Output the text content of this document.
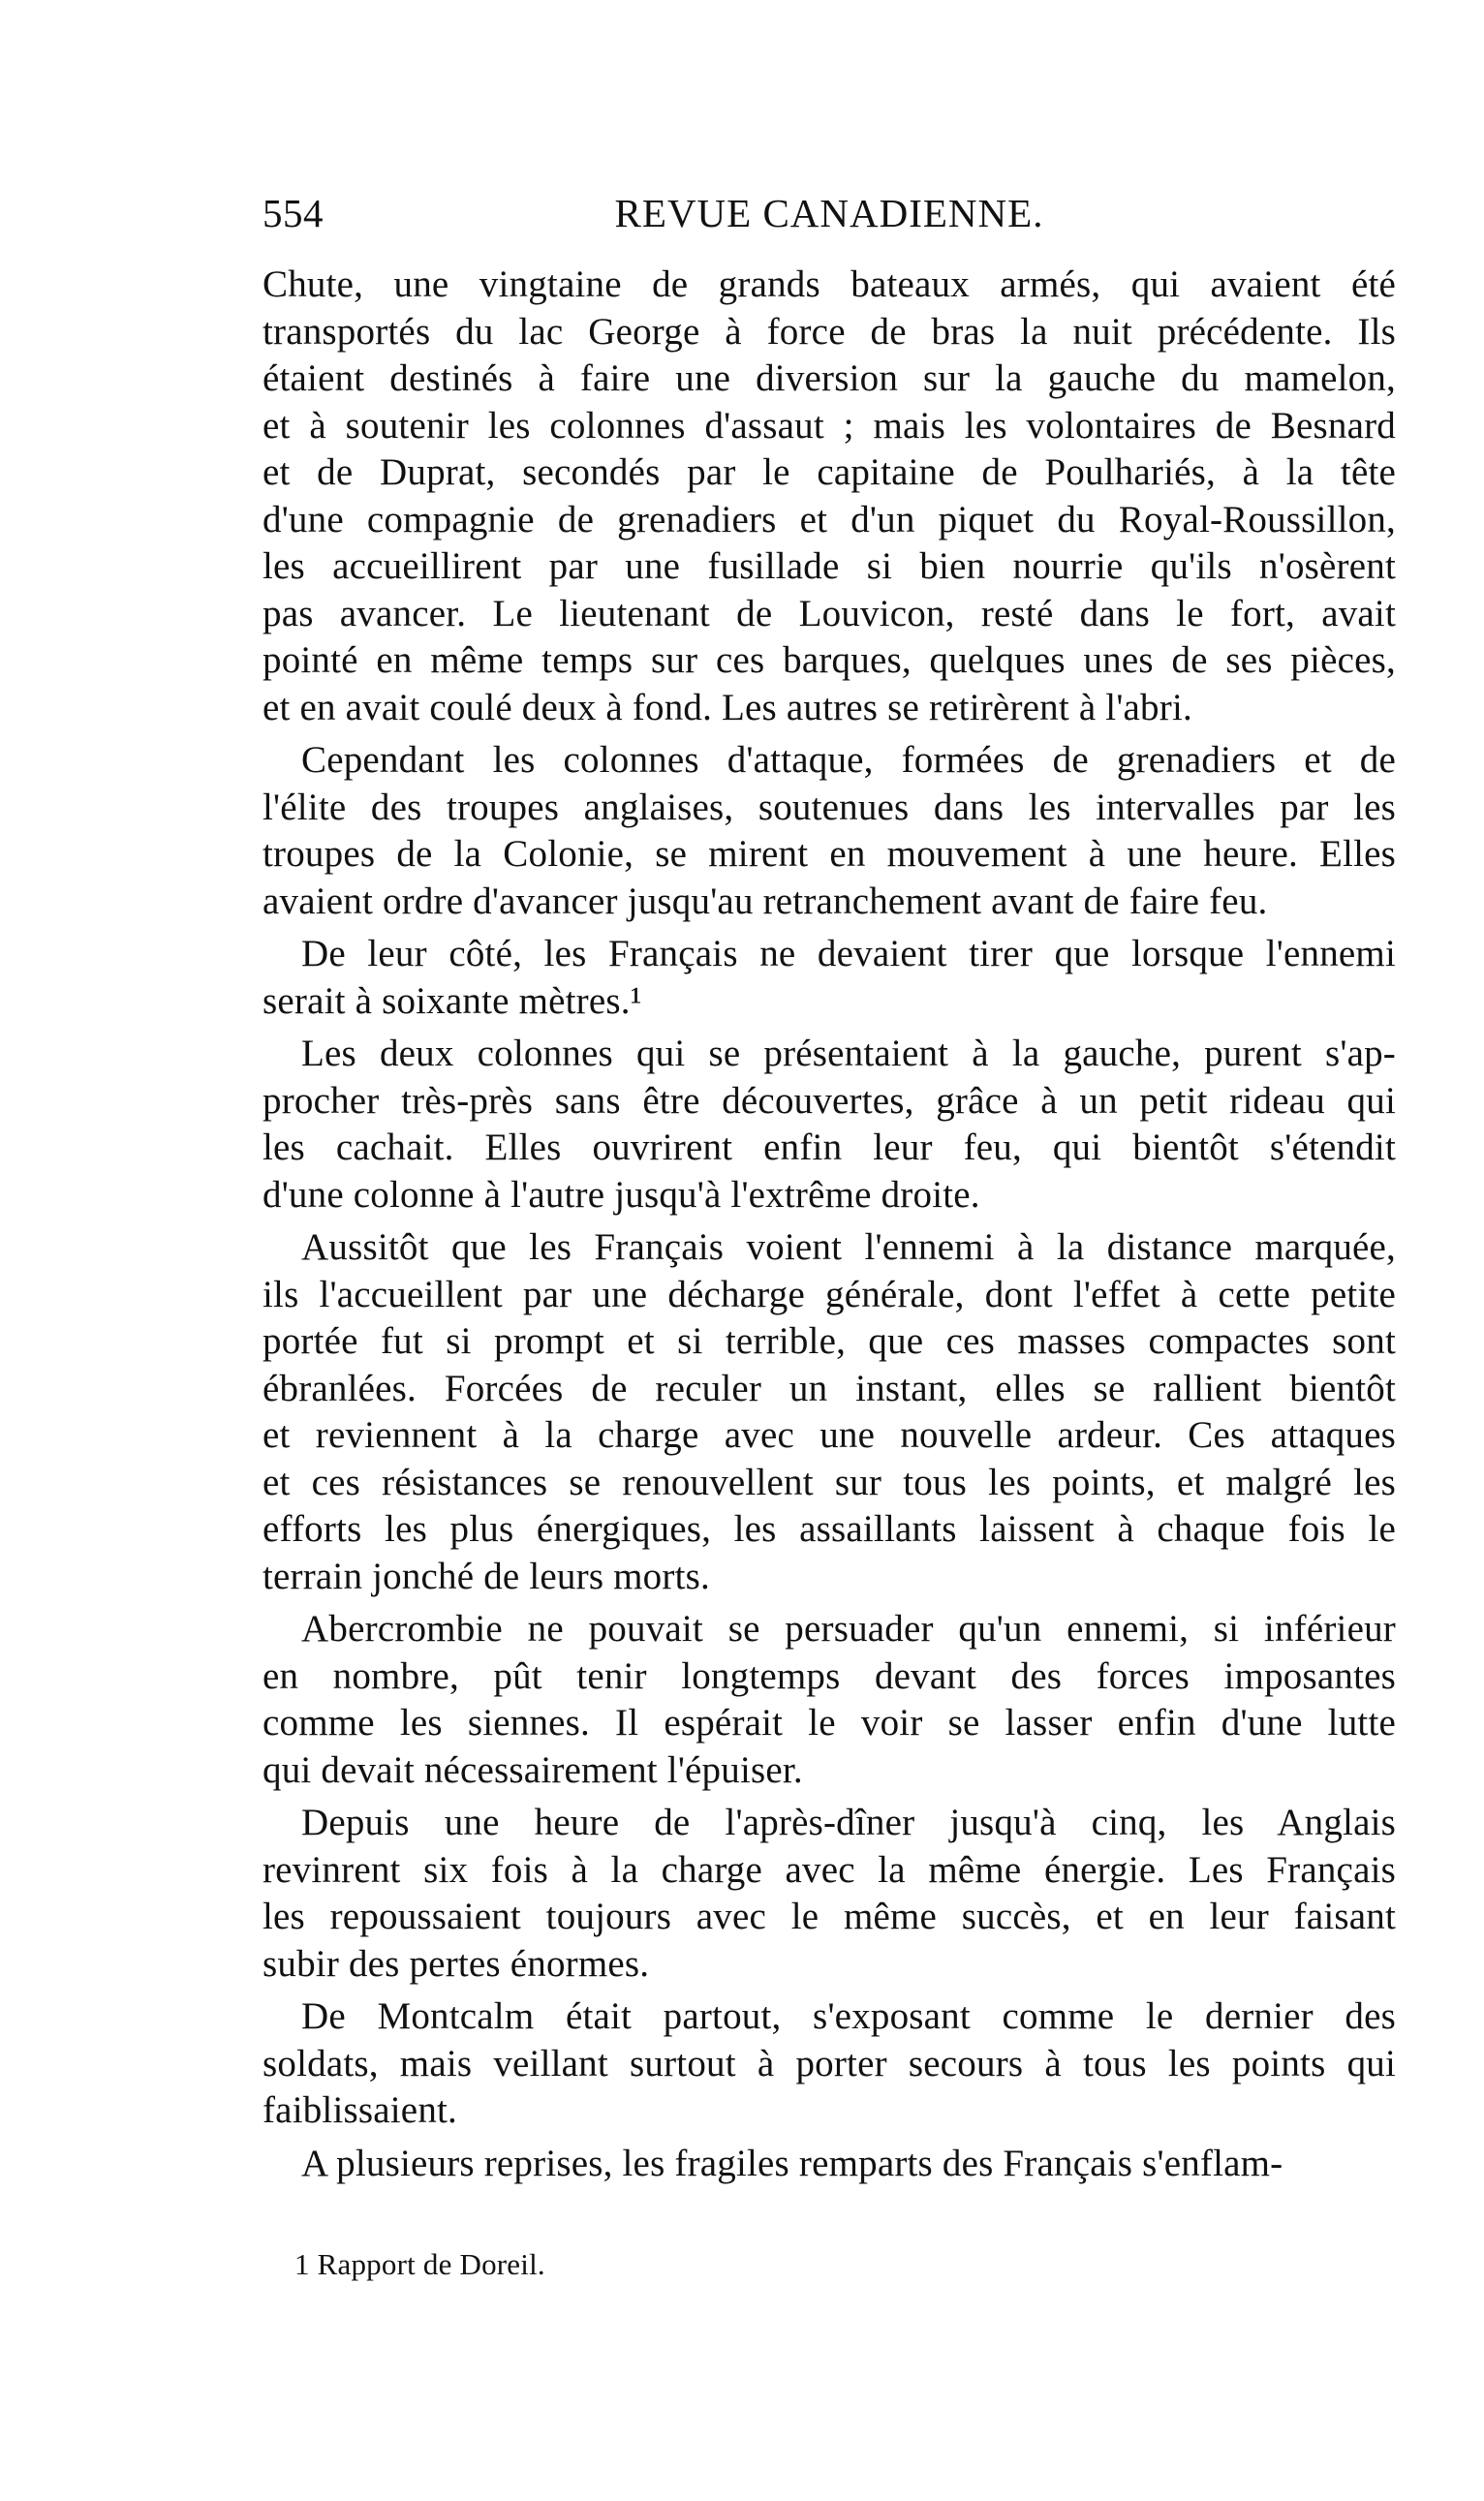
554	REVUE CANADIENNE.
Chute, une vingtaine de grands bateaux armés, qui avaient été
transportés du lac George à force de bras la nuit précédente. Ils
étaient destinés à faire une diversion sur la gauche du mamelon,
et à soutenir les colonnes d'assaut ; mais les volontaires de Besnard
et de Duprat, secondés par le capitaine de Poulhariés, à la tête
d'une compagnie de grenadiers et d'un piquet du Royal-Roussillon,
les accueillirent par une fusillade si bien nourrie qu'ils n'osèrent
pas avancer. Le lieutenant de Louvicon, resté dans le fort, avait
pointé en même temps sur ces barques, quelques unes de ses pièces,
et en avait coulé deux à fond. Les autres se retirèrent à l'abri.
Cependant les colonnes d'attaque, formées de grenadiers et de
l'élite des troupes anglaises, soutenues dans les intervalles par les
troupes de la Colonie, se mirent en mouvement à une heure. Elles
avaient ordre d'avancer jusqu'au retranchement avant de faire feu.
De leur côté, les Français ne devaient tirer que lorsque l'ennemi
serait à soixante mètres.¹
Les deux colonnes qui se présentaient à la gauche, purent s'ap-
procher très-près sans être découvertes, grâce à un petit rideau qui
les cachait. Elles ouvrirent enfin leur feu, qui bientôt s'étendit
d'une colonne à l'autre jusqu'à l'extrême droite.
Aussitôt que les Français voient l'ennemi à la distance marquée,
ils l'accueillent par une décharge générale, dont l'effet à cette petite
portée fut si prompt et si terrible, que ces masses compactes sont
ébranlées. Forcées de reculer un instant, elles se rallient bientôt
et reviennent à la charge avec une nouvelle ardeur. Ces attaques
et ces résistances se renouvellent sur tous les points, et malgré les
efforts les plus énergiques, les assaillants laissent à chaque fois le
terrain jonché de leurs morts.
Abercrombie ne pouvait se persuader qu'un ennemi, si inférieur
en nombre, pût tenir longtemps devant des forces imposantes
comme les siennes. Il espérait le voir se lasser enfin d'une lutte
qui devait nécessairement l'épuiser.
Depuis une heure de l'après-dîner jusqu'à cinq, les Anglais
revinrent six fois à la charge avec la même énergie. Les Français
les repoussaient toujours avec le même succès, et en leur faisant
subir des pertes énormes.
De Montcalm était partout, s'exposant comme le dernier des
soldats, mais veillant surtout à porter secours à tous les points qui
faiblissaient.
A plusieurs reprises, les fragiles remparts des Français s'enflam-
1 Rapport de Doreil.
